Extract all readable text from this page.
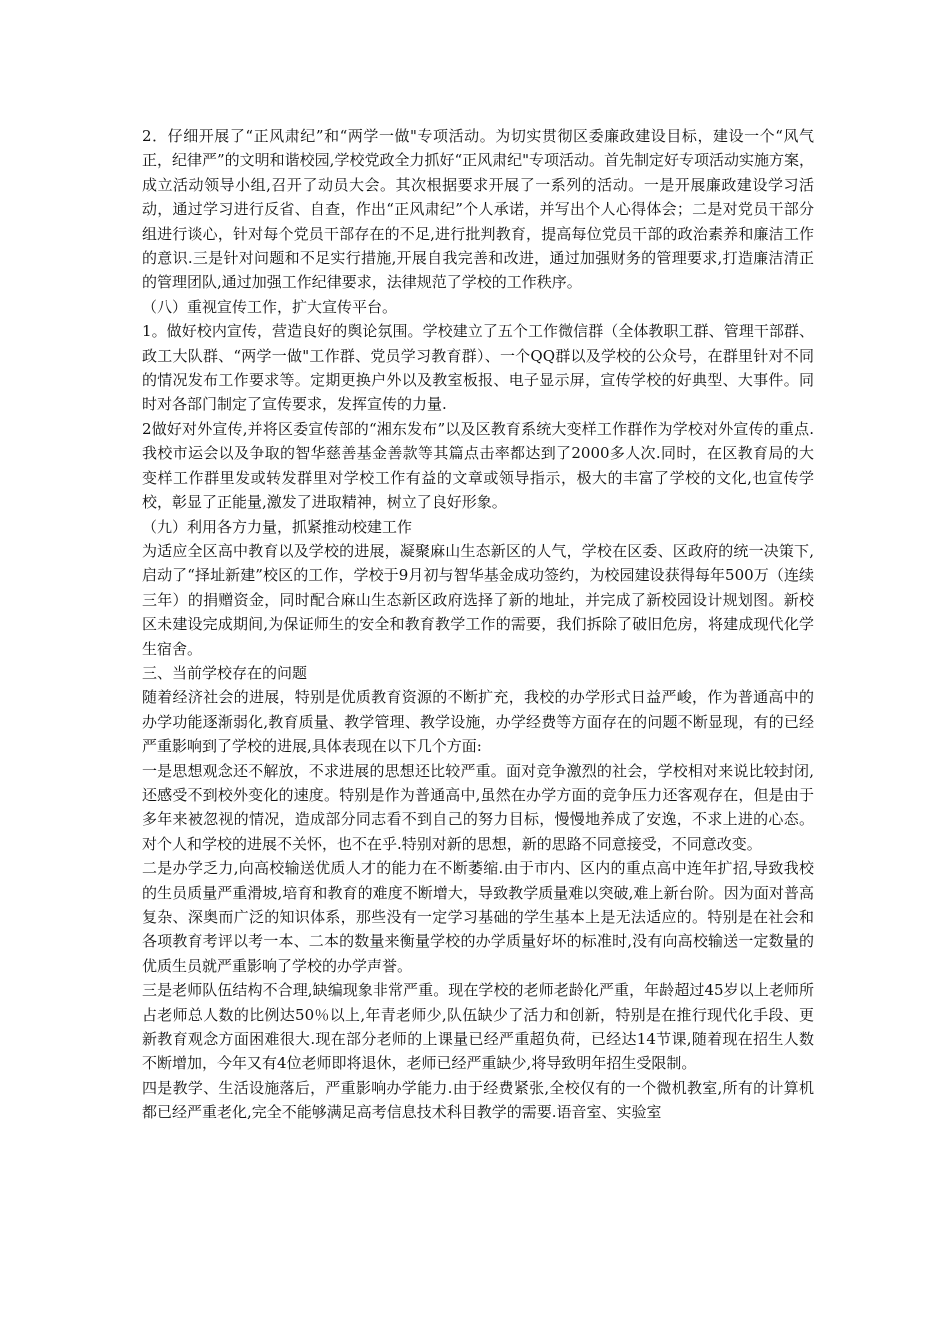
2．仔细开展了“正风肃纪”和“两学一做"专项活动。为切实贯彻区委廉政建设目标，建设一个“风气正，纪律严”的文明和谐校园,学校党政全力抓好“正风肃纪"专项活动。首先制定好专项活动实施方案，成立活动领导小组,召开了动员大会。其次根据要求开展了一系列的活动。一是开展廉政建设学习活动，通过学习进行反省、自查，作出“正风肃纪”个人承诺，并写出个人心得体会；二是对党员干部分组进行谈心，针对每个党员干部存在的不足,进行批判教育，提高每位党员干部的政治素养和廉洁工作的意识.三是针对问题和不足实行措施,开展自我完善和改进，通过加强财务的管理要求,打造廉洁清正的管理团队,通过加强工作纪律要求，法律规范了学校的工作秩序。

（八）重视宣传工作，扩大宣传平台。

1。做好校内宣传，营造良好的舆论氛围。学校建立了五个工作微信群（全体教职工群、管理干部群、政工大队群、“两学一做"工作群、党员学习教育群）、一个QQ群以及学校的公众号，在群里针对不同的情况发布工作要求等。定期更换户外以及教室板报、电子显示屏，宣传学校的好典型、大事件。同时对各部门制定了宣传要求，发挥宣传的力量.

2做好对外宣传,并将区委宣传部的“湘东发布”以及区教育系统大变样工作群作为学校对外宣传的重点.我校市运会以及争取的智华慈善基金善款等其篇点击率都达到了2000多人次.同时，在区教育局的大变样工作群里发或转发群里对学校工作有益的文章或领导指示，极大的丰富了学校的文化,也宣传学校，彰显了正能量,激发了进取精神，树立了良好形象。

（九）利用各方力量，抓紧推动校建工作

为适应全区高中教育以及学校的进展，凝聚麻山生态新区的人气，学校在区委、区政府的统一决策下,启动了“择址新建”校区的工作，学校于9月初与智华基金成功签约，为校园建设获得每年500万（连续三年）的捐赠资金，同时配合麻山生态新区政府选择了新的地址，并完成了新校园设计规划图。新校区未建设完成期间,为保证师生的安全和教育教学工作的需要，我们拆除了破旧危房，将建成现代化学生宿舍。

三、当前学校存在的问题

随着经济社会的进展，特别是优质教育资源的不断扩充，我校的办学形式日益严峻，作为普通高中的办学功能逐渐弱化,教育质量、教学管理、教学设施，办学经费等方面存在的问题不断显现，有的已经严重影响到了学校的进展,具体表现在以下几个方面:

一是思想观念还不解放，不求进展的思想还比较严重。面对竞争激烈的社会，学校相对来说比较封闭,还感受不到校外变化的速度。特别是作为普通高中,虽然在办学方面的竞争压力还客观存在，但是由于多年来被忽视的情况，造成部分同志看不到自己的努力目标，慢慢地养成了安逸，不求上进的心态。对个人和学校的进展不关怀，也不在乎.特别对新的思想，新的思路不同意接受，不同意改变。

二是办学乏力,向高校输送优质人才的能力在不断萎缩.由于市内、区内的重点高中连年扩招,导致我校的生员质量严重滑坡,培育和教育的难度不断增大，导致教学质量难以突破,难上新台阶。因为面对普高复杂、深奥而广泛的知识体系，那些没有一定学习基础的学生基本上是无法适应的。特别是在社会和各项教育考评以考一本、二本的数量来衡量学校的办学质量好坏的标准时,没有向高校输送一定数量的优质生员就严重影响了学校的办学声誉。

三是老师队伍结构不合理,缺编现象非常严重。现在学校的老师老龄化严重，年龄超过45岁以上老师所占老师总人数的比例达50％以上,年青老师少,队伍缺少了活力和创新，特别是在推行现代化手段、更新教育观念方面困难很大.现在部分老师的上课量已经严重超负荷，已经达14节课,随着现在招生人数不断增加，今年又有4位老师即将退休，老师已经严重缺少,将导致明年招生受限制。

四是教学、生活设施落后，严重影响办学能力.由于经费紧张,全校仅有的一个微机教室,所有的计算机都已经严重老化,完全不能够满足高考信息技术科目教学的需要.语音室、实验室
